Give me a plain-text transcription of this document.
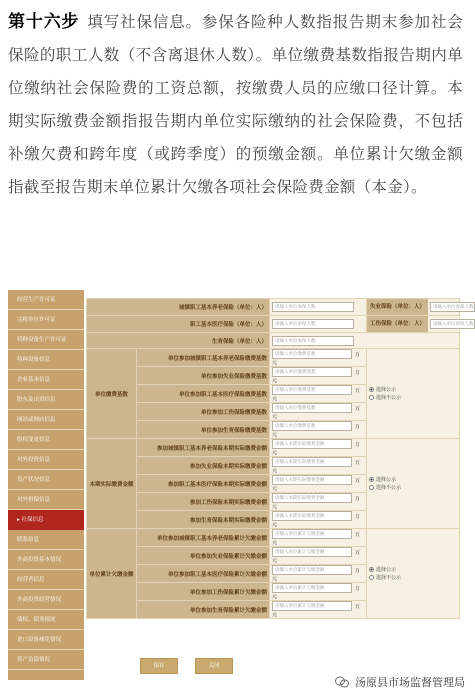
第十六步 填写社保信息。参保各险种人数指报告期末参加社会保险的职工人数（不含离退休人数）。单位缴费基数指报告期内单位缴纳社会保险费的工资总额，按缴费人员的应缴口径计算。本期实际缴费金额指报告期内单位实际缴纳的社会保险费，不包括补缴欠费和跨年度（或跨季度）的预缴金额。单位累计欠缴金额指截至报告期末单位累计欠缴各项社会保险费金额（本金）。
经营生产许可证
完税单位许可证
特种设备生产许可证
特种设备信息
企业基本信息
股东及出资信息
网站或网店信息
股权变更信息
对外投资信息
资产状况信息
对外担保信息
▸ 社保信息
联系信息
外商投资基本情况
经营者信息
外商投资经营情况
债权、债务情况
进口设备减免情况
资产负债情况
城镇职工基本养老保险（单位：人）		请输入单位参保人数	失业保险（单位：人） 请输入单位参保人数

职工基本医疗保险（单位：人）		请输入单位参保人数	工伤保险（单位：人） 请输入单位参保人数

生育保险（单位：人）		请输入单位参保人数	
单位缴费基数	单位参加城镇职工基本养老保险缴费基数	请输入单位缴费基数 万元	选择公示
选择不公示

	单位参加失业保险缴费基数	请输入单位缴费基数 万元	
	单位参加职工基本医疗保险缴费基数	请输入单位缴费基数 万元	
	单位参加工伤保险缴费基数	请输入单位缴费基数 万元	
	单位参加生育保险缴费基数	请输入单位缴费基数 万元	
本期实际缴费金额	参加城镇职工基本养老保险本期实际缴费金额	请输入本期实际缴费金额 万元	选择公示
选择不公示

	参加失业保险本期实际缴费金额	请输入本期实际缴费金额 万元	
	参加职工基本医疗保险本期实际缴费金额	请输入本期实际缴费金额 万元	
	参加工伤保险本期实际缴费金额	请输入本期实际缴费金额 万元	
	参加生育保险本期实际缴费金额	请输入本期实际缴费金额 万元	
单位累计欠缴金额	单位参加城镇职工基本养老保险累计欠缴金额	请输入单位累计欠缴金额 万元	选择公示
选择不公示

	单位参加失业保险累计欠缴金额	请输入单位累计欠缴金额 万元	
	单位参加职工基本医疗保险累计欠缴金额	请输入单位累计欠缴金额 万元	
	单位参加工伤保险累计欠缴金额	请输入单位累计欠缴金额 万元	
	单位参加生育保险累计欠缴金额	请输入单位累计欠缴金额 万元	
保存	关闭
汤原县市场监督管理局
